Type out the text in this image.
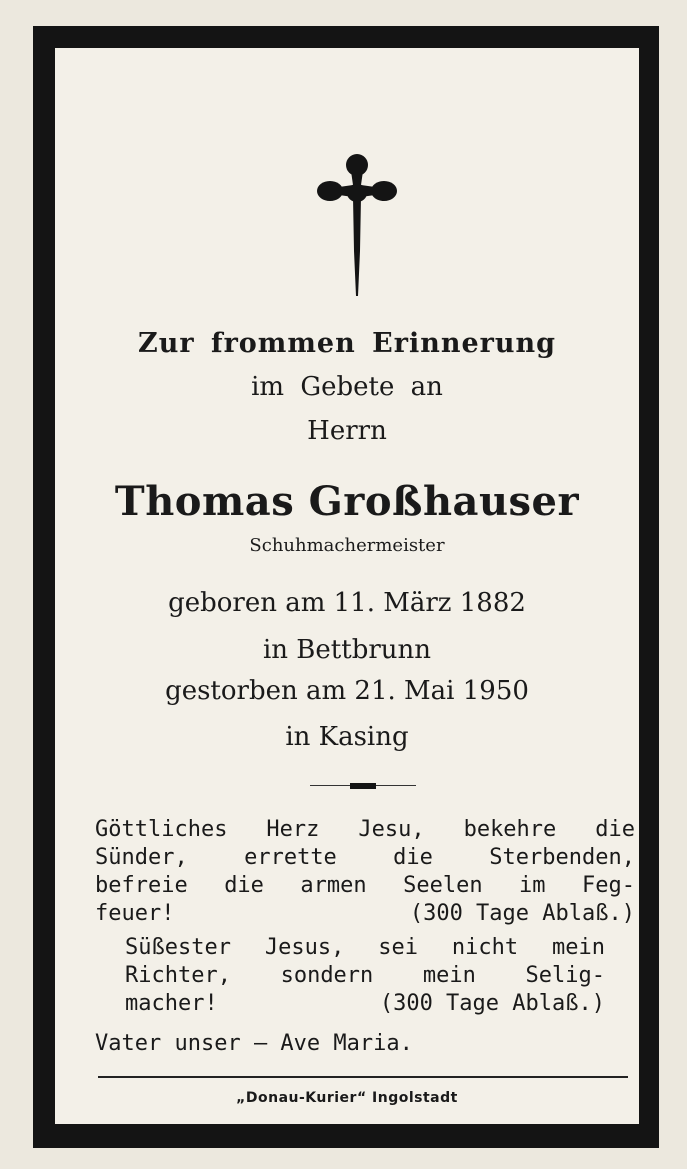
Zur frommen Erinnerung
im Gebete an
Herrn
Thomas Großhauser
Schuhmachermeister
geboren am 11. März 1882
in Bettbrunn
gestorben am 21. Mai 1950
in Kasing
Göttliches Herz Jesu, bekehre die
Sünder, errette die Sterbenden,
befreie die armen Seelen im Feg-
feuer!	(300 Tage Ablaß.)
Süßester Jesus, sei nicht mein
Richter, sondern mein Selig-
macher!	(300 Tage Ablaß.)
Vater unser — Ave Maria.
„Donau-Kurier“ Ingolstadt
